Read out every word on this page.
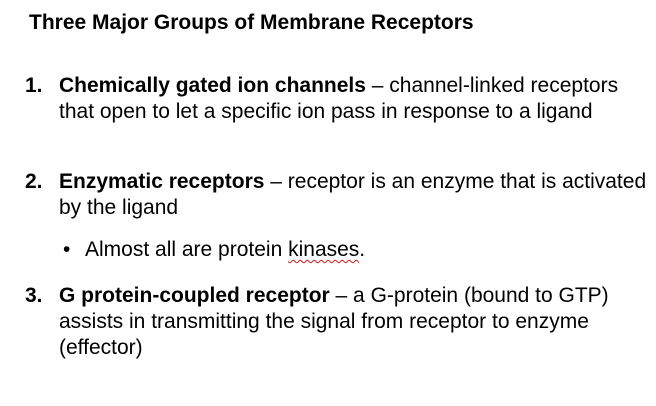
Three Major Groups of Membrane Receptors
1. Chemically gated ion channels – channel-linked receptors that open to let a specific ion pass in response to a ligand
2. Enzymatic receptors – receptor is an enzyme that is activated by the ligand
• Almost all are protein kinases.
3. G protein-coupled receptor – a G-protein (bound to GTP) assists in transmitting the signal from receptor to enzyme (effector)
